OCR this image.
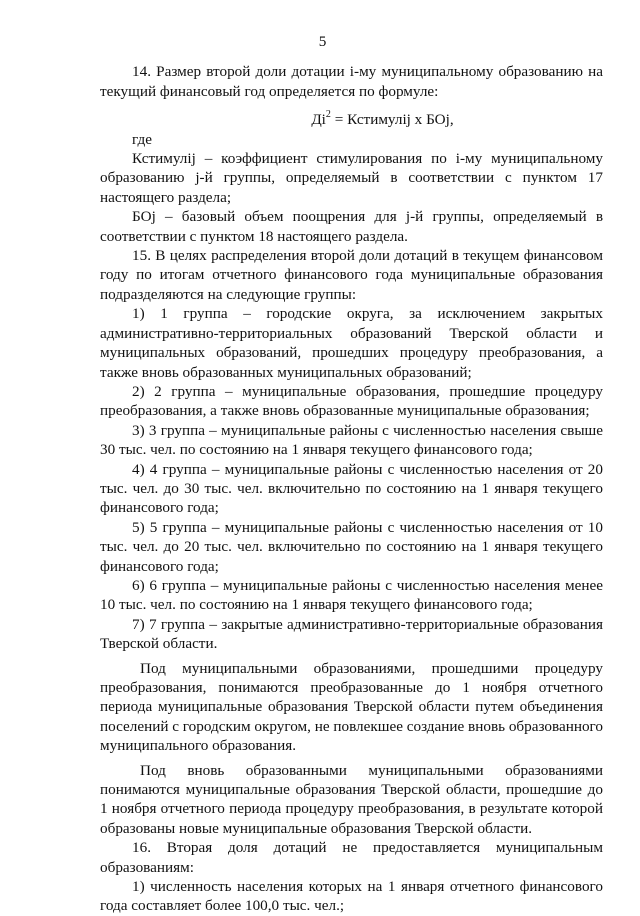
5

14. Размер второй доли дотации i-му муниципальному образованию на текущий финансовый год определяется по формуле:

$Дi^2$ = Кстимулij х БОj,

где

Кстимулij – коэффициент стимулирования по i-му муниципальному образованию j-й группы, определяемый в соответствии с пунктом 17 настоящего раздела;

БОj – базовый объем поощрения для j-й группы, определяемый в соответствии с пунктом 18 настоящего раздела.

15. В целях распределения второй доли дотаций в текущем финансовом году по итогам отчетного финансового года муниципальные образования подразделяются на следующие группы:

1) 1 группа – городские округа, за исключением закрытых административно-территориальных образований Тверской области и муниципальных образований, прошедших процедуру преобразования, а также вновь образованных муниципальных образований;

2) 2 группа – муниципальные образования, прошедшие процедуру преобразования, а также вновь образованные муниципальные образования;

3) 3 группа – муниципальные районы с численностью населения свыше 30 тыс. чел. по состоянию на 1 января текущего финансового года;

4) 4 группа – муниципальные районы с численностью населения от 20 тыс. чел. до 30 тыс. чел. включительно по состоянию на 1 января текущего финансового года;

5) 5 группа – муниципальные районы с численностью населения от 10 тыс. чел. до 20 тыс. чел. включительно по состоянию на 1 января текущего финансового года;

6) 6 группа – муниципальные районы с численностью населения менее 10 тыс. чел. по состоянию на 1 января текущего финансового года;

7) 7 группа – закрытые административно-территориальные образования Тверской области.

Под муниципальными образованиями, прошедшими процедуру преобразования, понимаются преобразованные до 1 ноября отчетного периода муниципальные образования Тверской области путем объединения поселений с городским округом, не повлекшее создание вновь образованного муниципального образования.

Под вновь образованными муниципальными образованиями понимаются муниципальные образования Тверской области, прошедшие до 1 ноября отчетного периода процедуру преобразования, в результате которой образованы новые муниципальные образования Тверской области.

16. Вторая доля дотаций не предоставляется муниципальным образованиям:

1) численность населения которых на 1 января отчетного финансового года составляет более 100,0 тыс. чел.;
